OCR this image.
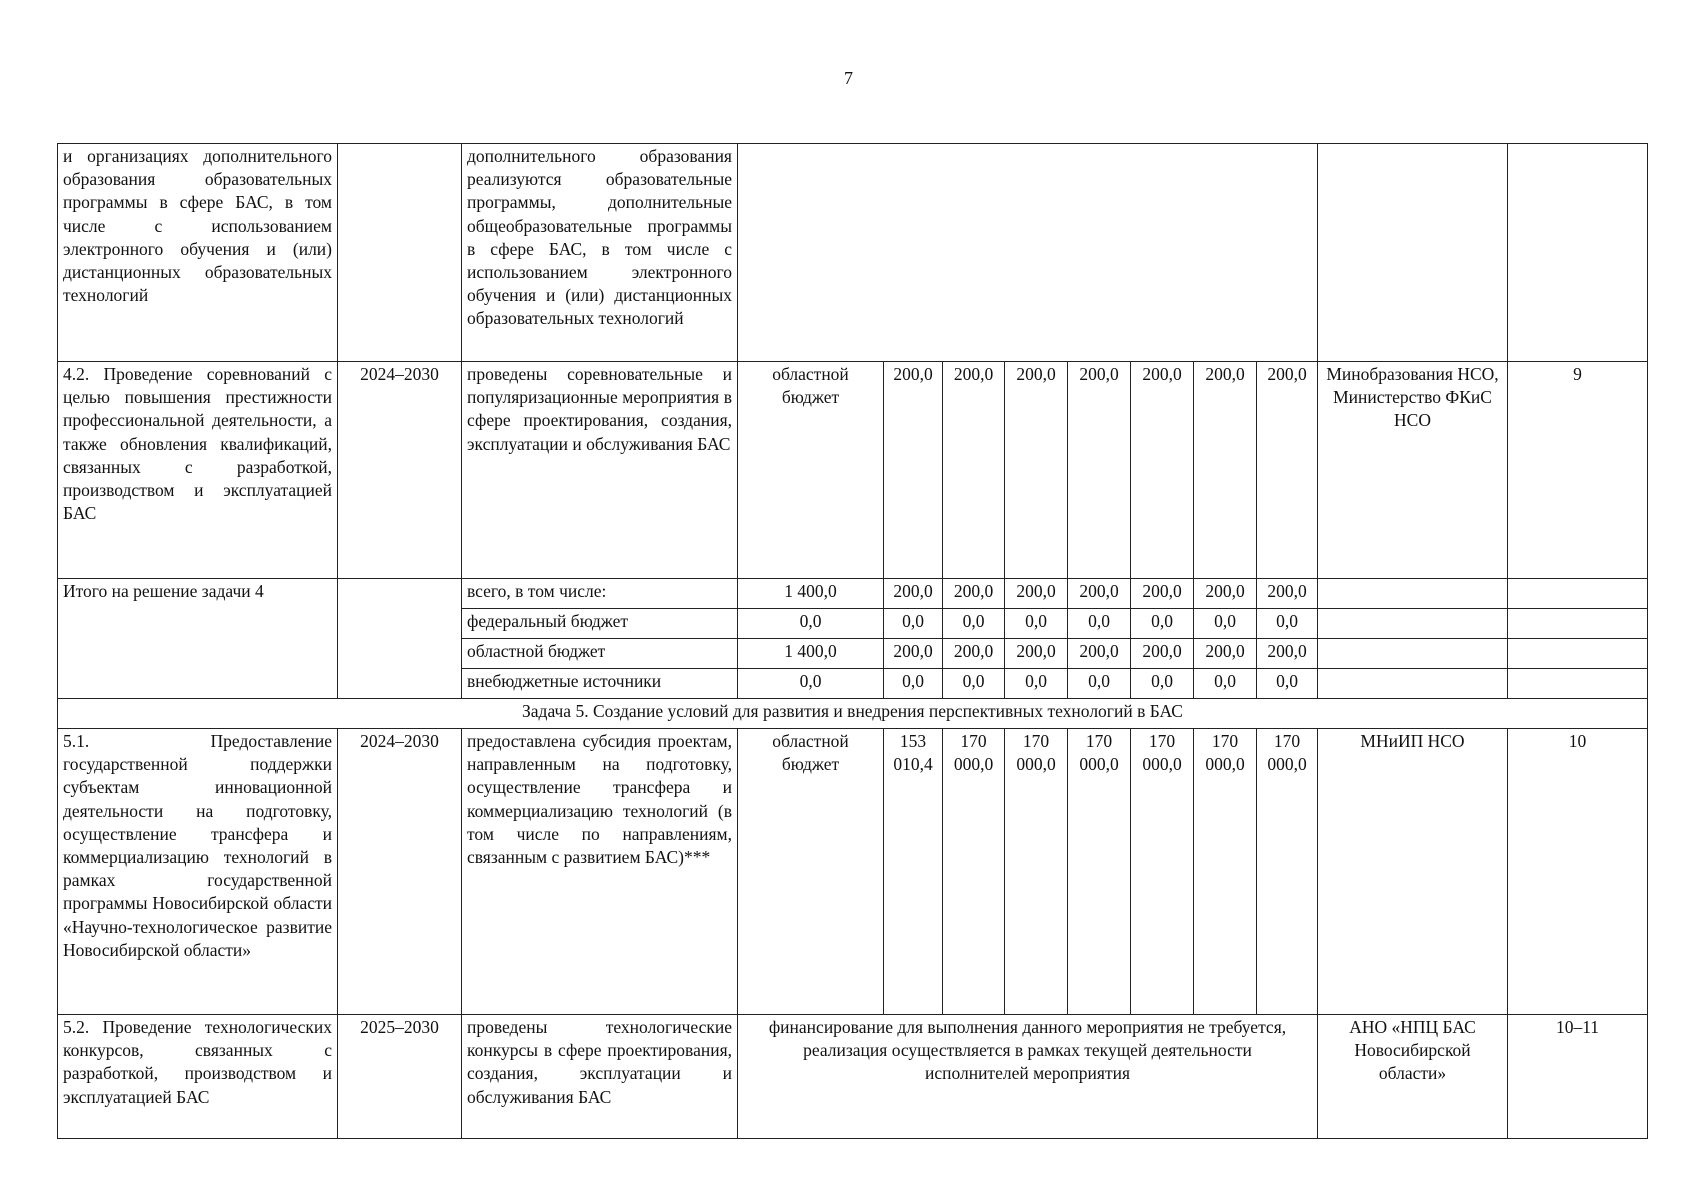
7
и организациях дополнительного образования образовательных программы в сфере БАС, в том числе с использованием электронного обучения и (или) дистанционных образовательных технологий		дополнительного образования реализуются образовательные программы, дополнительные общеобразовательные программы в сфере БАС, в том числе с использованием электронного обучения и (или) дистанционных образовательных технологий										
4.2. Проведение соревнований с целью повышения престижности профессиональной деятельности, а также обновления квалификаций, связанных с разработкой, производством и эксплуатацией БАС	2024–2030	проведены соревновательные и популяризационные мероприятия в сфере проектирования, создания, эксплуатации и обслуживания БАС	областной бюджет	200,0	200,0	200,0	200,0	200,0	200,0	200,0	Минобразования НСО, Министерство ФКиС НСО	9
Итого на решение задачи 4		всего, в том числе:	1 400,0	200,0	200,0	200,0	200,0	200,0	200,0	200,0		
		федеральный бюджет	0,0	0,0	0,0	0,0	0,0	0,0	0,0	0,0		
		областной бюджет	1 400,0	200,0	200,0	200,0	200,0	200,0	200,0	200,0		
		внебюджетные источники	0,0	0,0	0,0	0,0	0,0	0,0	0,0	0,0		
Задача 5. Создание условий для развития и внедрения перспективных технологий в БАС												
5.1. Предоставление государственной поддержки субъектам инновационной деятельности на подготовку, осуществление трансфера и коммерциализацию технологий в рамках государственной программы Новосибирской области «Научно-технологическое развитие Новосибирской области»	2024–2030	предоставлена субсидия проектам, направленным на подготовку, осуществление трансфера и коммерциализацию технологий (в том числе по направлениям, связанным с развитием БАС)***	областной бюджет	153 010,4	170 000,0	170 000,0	170 000,0	170 000,0	170 000,0	170 000,0	МНиИП НСО	10
5.2. Проведение технологических конкурсов, связанных с разработкой, производством и эксплуатацией БАС	2025–2030	проведены технологические конкурсы в сфере проектирования, создания, эксплуатации и обслуживания БАС	финансирование для выполнения данного мероприятия не требуется, реализация осуществляется в рамках текущей деятельности исполнителей мероприятия								АНО «НПЦ БАС Новосибирской области»	10–11
